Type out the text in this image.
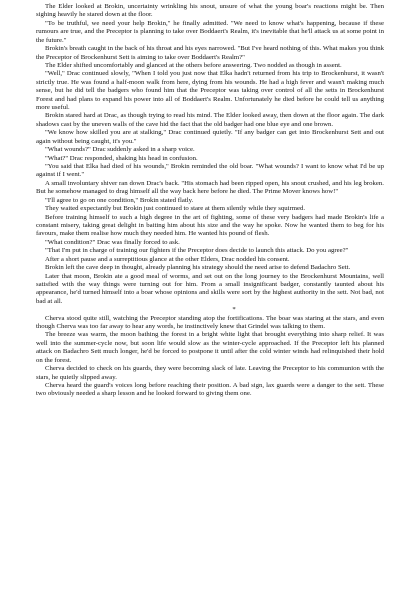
The Elder looked at Brokin, uncertainty wrinkling his snout, unsure of what the young boar's reactions might be. Then sighing heavily he stared down at the floor.

"To be truthful, we need your help Brokin," he finally admitted. "We need to know what's happening, because if these rumours are true, and the Preceptor is planning to take over Boddaert's Realm, it's inevitable that he'll attack us at some point in the future."

Brokin's breath caught in the back of his throat and his eyes narrowed. "But I've heard nothing of this. What makes you think the Preceptor of Brockenhurst Sett is aiming to take over Boddaert's Realm?"

The Elder shifted uncomfortably and glanced at the others before answering. Two nodded as though in assent.

"Well," Drac continued slowly, "When I told you just now that Elka hadn't returned from his trip to Brockenhurst, it wasn't strictly true. He was found a half-moon walk from here, dying from his wounds. He had a high fever and wasn't making much sense, but he did tell the badgers who found him that the Preceptor was taking over control of all the setts in Brockenhurst Forest and had plans to expand his power into all of Boddaert's Realm. Unfortunately he died before he could tell us anything more useful.

Brokin stared hard at Drac, as though trying to read his mind. The Elder looked away, then down at the floor again. The dark shadows cast by the uneven walls of the cave hid the fact that the old badger had one blue eye and one brown.

"We know how skilled you are at stalking," Drac continued quietly. "If any badger can get into Brockenhurst Sett and out again without being caught, it's you."

"What wounds?" Drac suddenly asked in a sharp voice.

"What?" Drac responded, shaking his head in confusion.

"You said that Elka had died of his wounds," Brokin reminded the old boar. "What wounds? I want to know what I'd be up against if I went."

A small involuntary shiver ran down Drac's back. "His stomach had been ripped open, his snout crushed, and his leg broken. But he somehow managed to drag himself all the way back here before he died. The Prime Mover knows how!"

"I'll agree to go on one condition," Brokin stated flatly.

They waited expectantly but Brokin just continued to stare at them silently while they squirmed.

Before training himself to such a high degree in the art of fighting, some of these very badgers had made Brokin's life a constant misery, taking great delight in baiting him about his size and the way he spoke. Now he wanted them to beg for his favours, make them realise how much they needed him. He wanted his pound of flesh.

"What condition?" Drac was finally forced to ask.

"That I'm put in charge of training our fighters if the Preceptor does decide to launch this attack. Do you agree?"

After a short pause and a surreptitious glance at the other Elders, Drac nodded his consent.

Brokin left the cave deep in thought, already planning his strategy should the need arise to defend Badachro Sett.

Later that moon, Brokin ate a good meal of worms, and set out on the long journey to the Brockenhurst Mountains, well satisfied with the way things were turning out for him. From a small insignificant badger, constantly taunted about his appearance, he'd turned himself into a boar whose opinions and skills were sort by the highest authority in the sett. Not bad, not bad at all.

*

Cherva stood quite still, watching the Preceptor standing atop the fortifications. The boar was staring at the stars, and even though Cherva was too far away to hear any words, he instinctively knew that Grindel was talking to them.

The breeze was warm, the moon bathing the forest in a bright white light that brought everything into sharp relief. It was well into the summer-cycle now, but soon life would slow as the winter-cycle approached. If the Preceptor left his planned attack on Badachro Sett much longer, he'd be forced to postpone it until after the cold winter winds had relinquished their hold on the forest.

Cherva decided to check on his guards, they were becoming slack of late. Leaving the Preceptor to his communion with the stars, he quietly slipped away.

Cherva heard the guard's voices long before reaching their position. A bad sign, lax guards were a danger to the sett. These two obviously needed a sharp lesson and he looked forward to giving them one.
